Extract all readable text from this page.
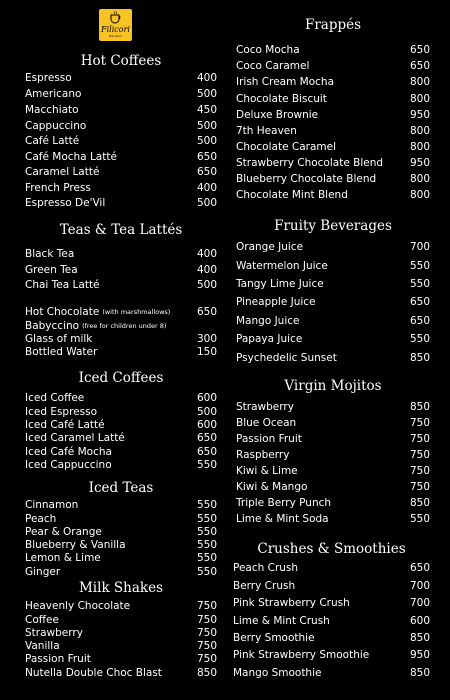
Filicori
Zecchini
Hot Coffees
Espresso	400
Americano	500
Macchiato	450
Cappuccino	500
Café Latté	500
Café Mocha Latté	650
Caramel Latté	650
French Press	400
Espresso De'Vil	500
Teas & Tea Lattés
Black Tea	400
Green Tea	400
Chai Tea Latté	500
Hot Chocolate (with marshmallows)	650
Babyccino (free for children under 8)
Glass of milk	300
Bottled Water	150
Iced Coffees
Iced Coffee	600
Iced Espresso	500
Iced Café Latté	600
Iced Caramel Latté	650
Iced Café Mocha	650
Iced Cappuccino	550
Iced Teas
Cinnamon	550
Peach	550
Pear & Orange	550
Blueberry & Vanilla	550
Lemon & Lime	550
Ginger	550
Milk Shakes
Heavenly Chocolate	750
Coffee	750
Strawberry	750
Vanilla	750
Passion Fruit	750
Nutella Double Choc Blast	850
Frappés
Coco Mocha	650
Coco Caramel	650
Irish Cream Mocha	800
Chocolate Biscuit	800
Deluxe Brownie	950
7th Heaven	800
Chocolate Caramel	800
Strawberry Chocolate Blend	950
Blueberry Chocolate Blend	800
Chocolate Mint Blend	800
Fruity Beverages
Orange Juice	700
Watermelon Juice	550
Tangy Lime Juice	550
Pineapple Juice	650
Mango Juice	650
Papaya Juice	550
Psychedelic Sunset	850
Virgin Mojitos
Strawberry	850
Blue Ocean	750
Passion Fruit	750
Raspberry	750
Kiwi & Lime	750
Kiwi & Mango	750
Triple Berry Punch	850
Lime & Mint Soda	550
Crushes & Smoothies
Peach Crush	650
Berry Crush	700
Pink Strawberry Crush	700
Lime & Mint Crush	600
Berry Smoothie	850
Pink Strawberry Smoothie	950
Mango Smoothie	850
